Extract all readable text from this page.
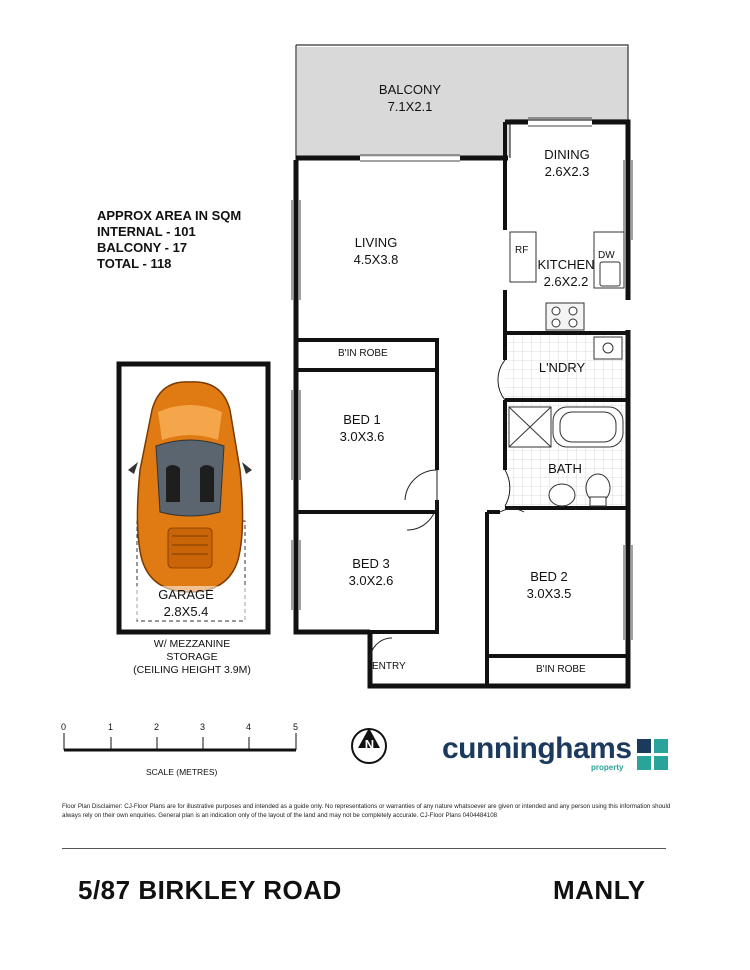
APPROX AREA IN SQM
INTERNAL - 101
BALCONY - 17
TOTAL - 118
BALCONY
7.1X2.1
DINING
2.6X2.3
LIVING
4.5X3.8	KITCHEN
2.6X2.2
L'NDRY
BED 1
3.0X3.6
BATH
BED 3
3.0X2.6	BED 2
3.0X3.5
GARAGE
2.8X5.4
RF	DW
B'IN ROBE
B'IN ROBE
ENTRY
W/ MEZZANINE
STORAGE
(CEILING HEIGHT 3.9M)
0	1	2	3	4	5
SCALE (METRES)
N cunninghams
property
Floor Plan Disclaimer: CJ-Floor Plans are for illustrative purposes and intended as a guide only. No representations or warranties of any nature whatsoever are given or intended and any person using this information should always rely on their own enquiries. General plan is an indication only of the layout of the land and may not be completely accurate. CJ-Floor Plans 0404484108
5/87 BIRKLEY ROAD	MANLY
